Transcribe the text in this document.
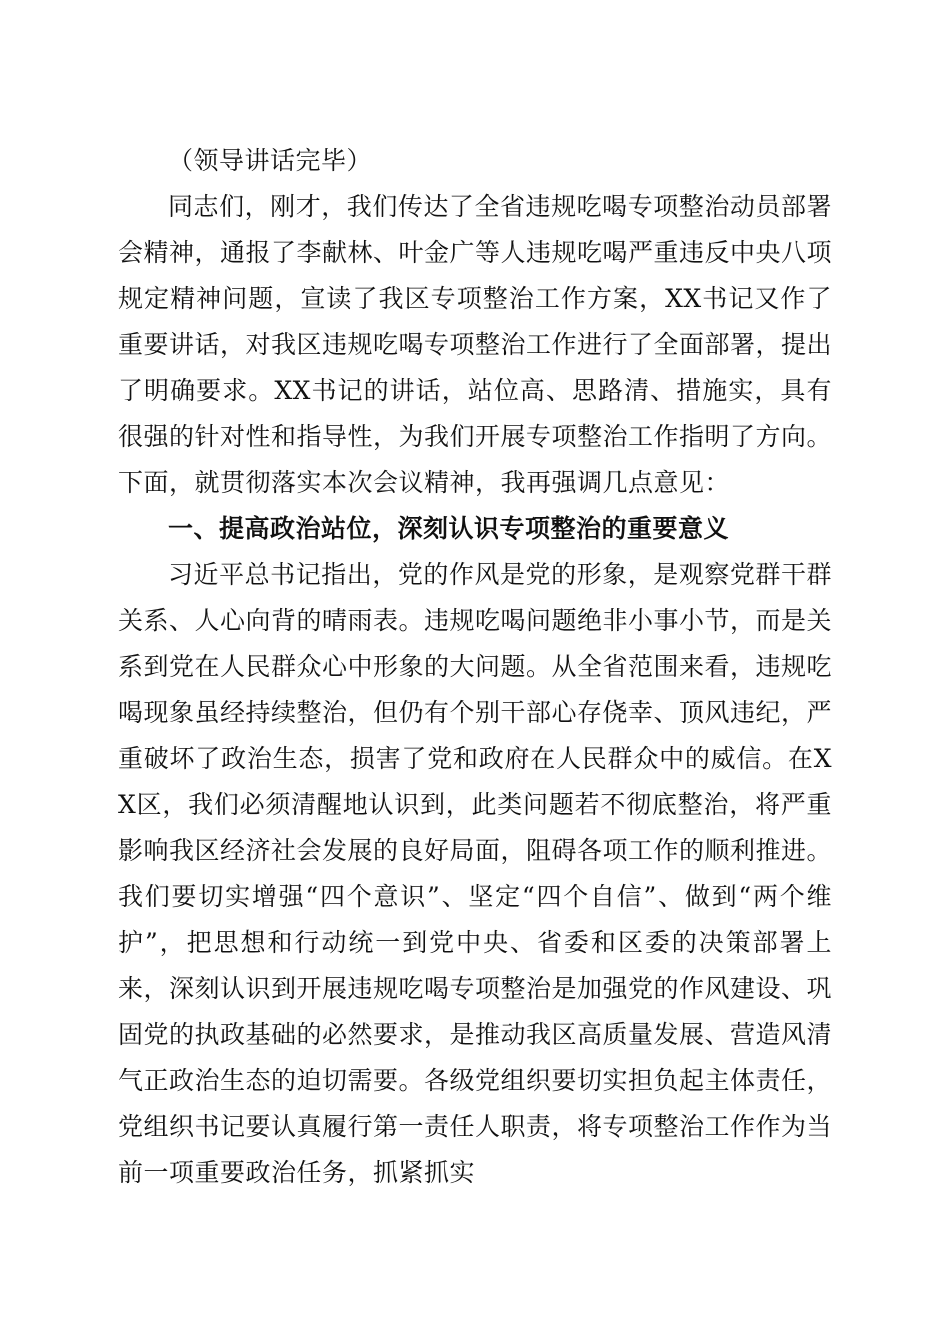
（领导讲话完毕）

同志们，刚才，我们传达了全省违规吃喝专项整治动员部署会精神，通报了李献林、叶金广等人违规吃喝严重违反中央八项规定精神问题，宣读了我区专项整治工作方案，XX书记又作了重要讲话，对我区违规吃喝专项整治工作进行了全面部署，提出了明确要求。XX书记的讲话，站位高、思路清、措施实，具有很强的针对性和指导性，为我们开展专项整治工作指明了方向。下面，就贯彻落实本次会议精神，我再强调几点意见：

一、提高政治站位，深刻认识专项整治的重要意义

习近平总书记指出，党的作风是党的形象，是观察党群干群关系、人心向背的晴雨表。违规吃喝问题绝非小事小节，而是关系到党在人民群众心中形象的大问题。从全省范围来看，违规吃喝现象虽经持续整治，但仍有个别干部心存侥幸、顶风违纪，严重破坏了政治生态，损害了党和政府在人民群众中的威信。在XX区，我们必须清醒地认识到，此类问题若不彻底整治，将严重影响我区经济社会发展的良好局面，阻碍各项工作的顺利推进。我们要切实增强“四个意识”、坚定“四个自信”、做到“两个维护”，把思想和行动统一到党中央、省委和区委的决策部署上来，深刻认识到开展违规吃喝专项整治是加强党的作风建设、巩固党的执政基础的必然要求，是推动我区高质量发展、营造风清气正政治生态的迫切需要。各级党组织要切实担负起主体责任，党组织书记要认真履行第一责任人职责，将专项整治工作作为当前一项重要政治任务，抓紧抓实
